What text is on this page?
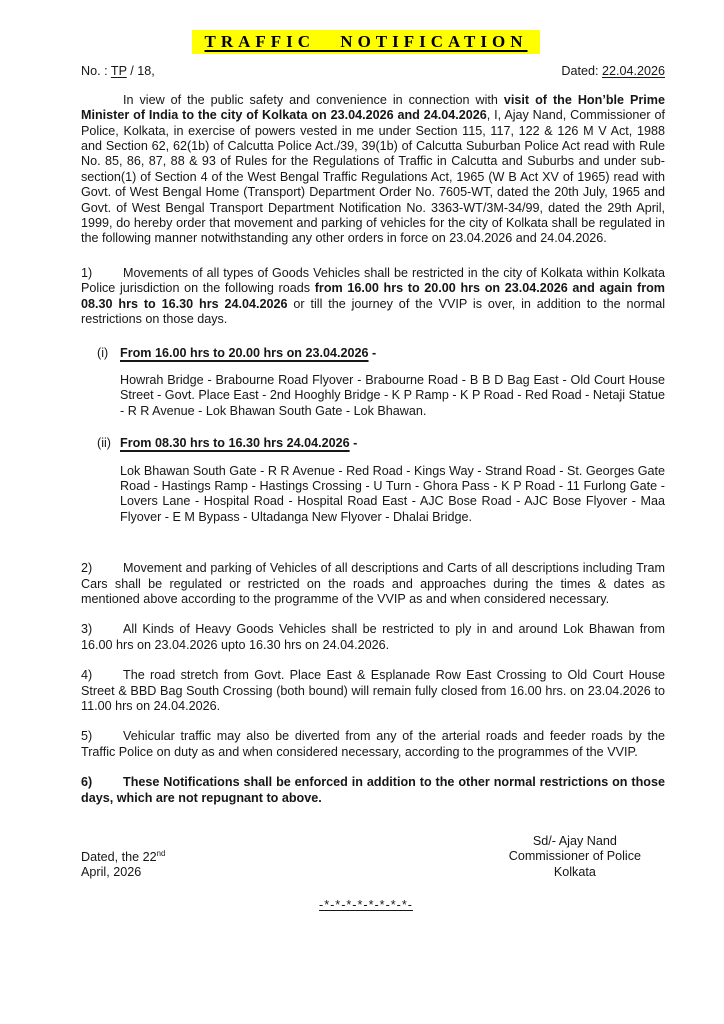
TRAFFIC NOTIFICATION
No. : TP / 18,	Dated: 22.04.2026

In view of the public safety and convenience in connection with visit of the Hon’ble Prime Minister of India to the city of Kolkata on 23.04.2026 and 24.04.2026, I, Ajay Nand, Commissioner of Police, Kolkata, in exercise of powers vested in me under Section 115, 117, 122 & 126 M V Act, 1988 and Section 62, 62(1b) of Calcutta Police Act./39, 39(1b) of Calcutta Suburban Police Act read with Rule No. 85, 86, 87, 88 & 93 of Rules for the Regulations of Traffic in Calcutta and Suburbs and under sub-section(1) of Section 4 of the West Bengal Traffic Regulations Act, 1965 (W B Act XV of 1965) read with Govt. of West Bengal Home (Transport) Department Order No. 7605-WT, dated the 20th July, 1965 and Govt. of West Bengal Transport Department Notification No. 3363-WT/3M-34/99, dated the 29th April, 1999, do hereby order that movement and parking of vehicles for the city of Kolkata shall be regulated in the following manner notwithstanding any other orders in force on 23.04.2026 and 24.04.2026.

1) Movements of all types of Goods Vehicles shall be restricted in the city of Kolkata within Kolkata Police jurisdiction on the following roads from 16.00 hrs to 20.00 hrs on 23.04.2026 and again from 08.30 hrs to 16.30 hrs 24.04.2026 or till the journey of the VVIP is over, in addition to the normal restrictions on those days.

(i) From 16.00 hrs to 20.00 hrs on 23.04.2026 -

Howrah Bridge - Brabourne Road Flyover - Brabourne Road - B B D Bag East - Old Court House Street - Govt. Place East - 2nd Hooghly Bridge - K P Ramp - K P Road - Red Road - Netaji Statue - R R Avenue - Lok Bhawan South Gate - Lok Bhawan.

(ii) From 08.30 hrs to 16.30 hrs 24.04.2026 -

Lok Bhawan South Gate - R R Avenue - Red Road - Kings Way - Strand Road - St. Georges Gate Road - Hastings Ramp - Hastings Crossing - U Turn - Ghora Pass - K P Road - 11 Furlong Gate - Lovers Lane - Hospital Road - Hospital Road East - AJC Bose Road - AJC Bose Flyover - Maa Flyover - E M Bypass - Ultadanga New Flyover - Dhalai Bridge.

2) Movement and parking of Vehicles of all descriptions and Carts of all descriptions including Tram Cars shall be regulated or restricted on the roads and approaches during the times & dates as mentioned above according to the programme of the VVIP as and when considered necessary.

3) All Kinds of Heavy Goods Vehicles shall be restricted to ply in and around Lok Bhawan from 16.00 hrs on 23.04.2026 upto 16.30 hrs on 24.04.2026.

4) The road stretch from Govt. Place East & Esplanade Row East Crossing to Old Court House Street & BBD Bag South Crossing (both bound) will remain fully closed from 16.00 hrs. on 23.04.2026 to 11.00 hrs on 24.04.2026.

5) Vehicular traffic may also be diverted from any of the arterial roads and feeder roads by the Traffic Police on duty as and when considered necessary, according to the programmes of the VVIP.

6) These Notifications shall be enforced in addition to the other normal restrictions on those days, which are not repugnant to above.

Dated, the 22nd
April, 2026
Sd/- Ajay Nand
Commissioner of Police
Kolkata
-*-*-*-*-*-*-*-*-
